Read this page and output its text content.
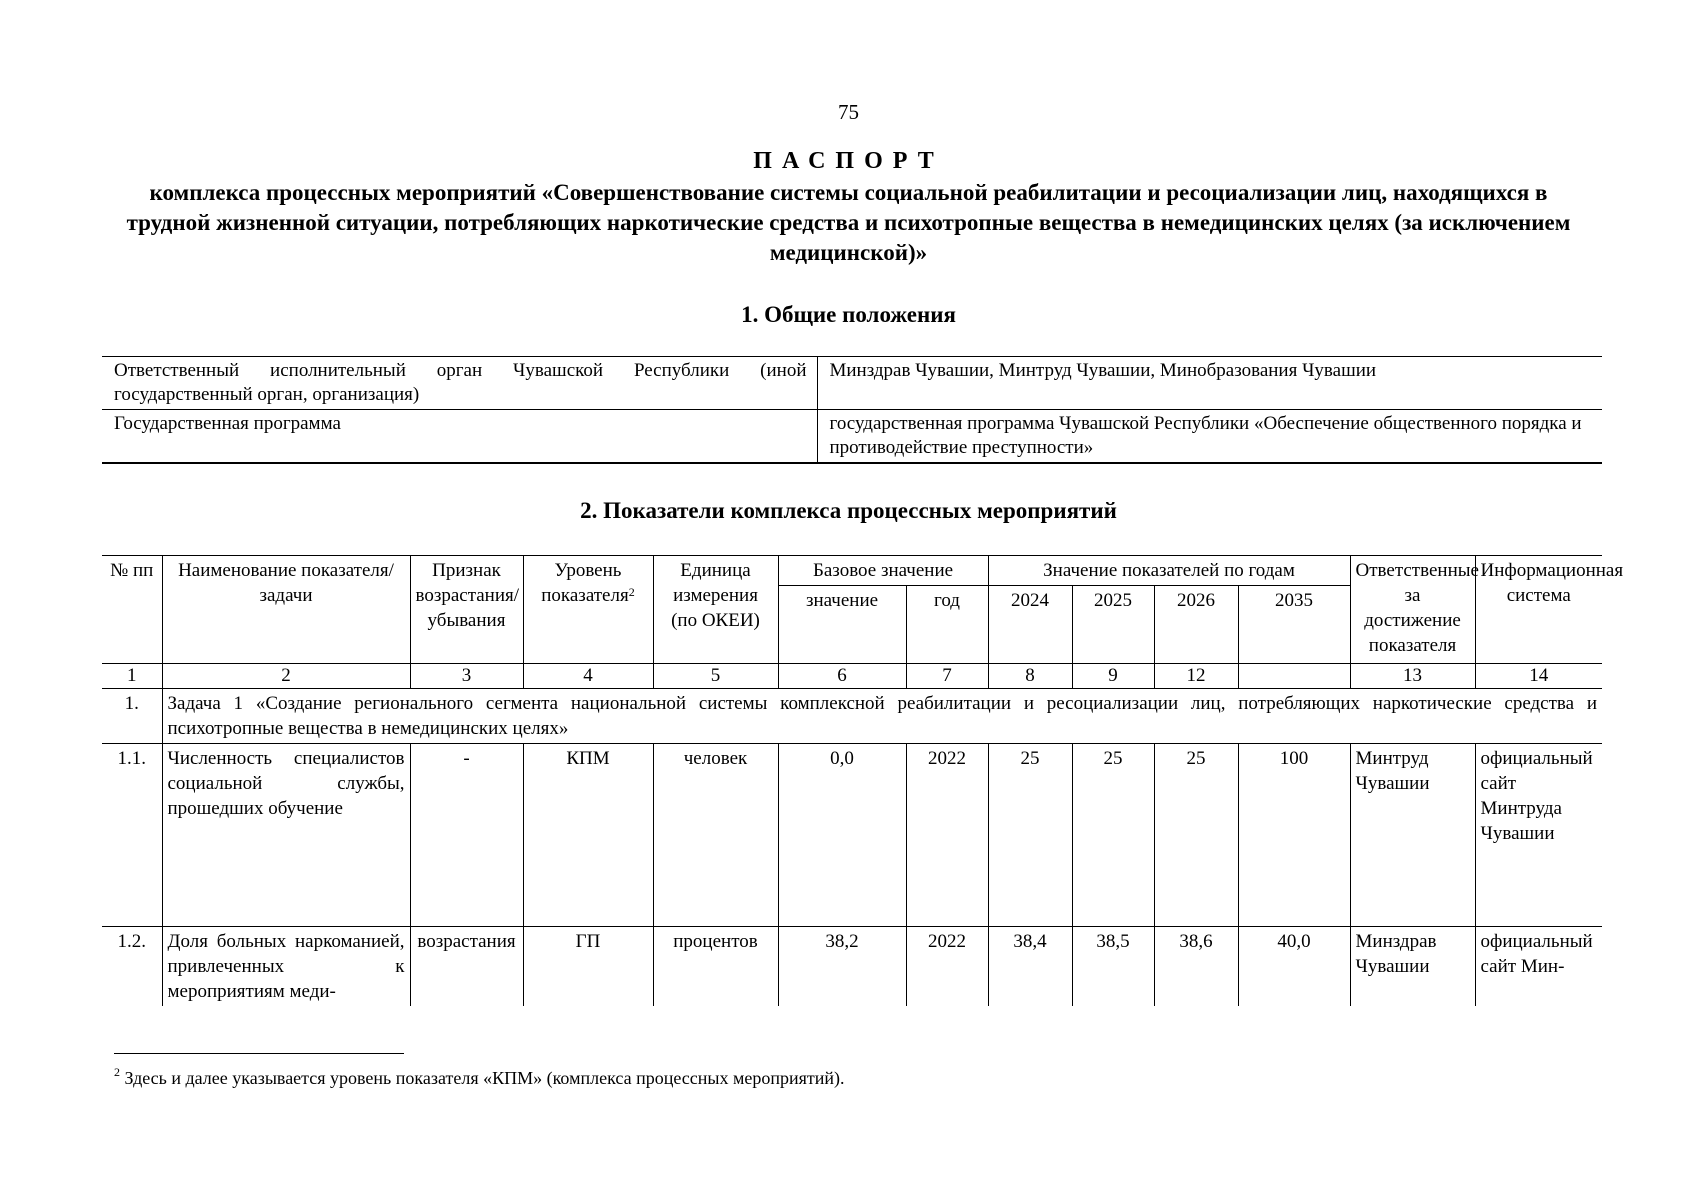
75
ПАСПОРТ
комплекса процессных мероприятий «Совершенствование системы социальной реабилитации и ресоциализации лиц, находящихся в трудной жизненной ситуации, потребляющих наркотические средства и психотропные вещества в немедицинских целях (за исключением медицинской)»
1. Общие положения
Ответственный исполнительный орган Чувашской Республики (иной государственный орган, организация)	Минздрав Чувашии, Минтруд Чувашии, Минобразования Чувашии
Государственная программа	государственная программа Чувашской Республики «Обеспечение общественного порядка и противодействие преступности»
2. Показатели комплекса процессных мероприятий
№ пп	Наименование показателя/задачи	Признак возрастания/убывания	Уровень показателя$^2$	Единица измерения (по ОКЕИ)	Базовое значение		Значение показателей по годам				Ответственные за достижение показателя	Информационная система
					значение	год	2024	2025	2026	2035		
1	2	3	4	5	6	7	8	9	12		13	14
1.	Задача 1 «Создание регионального сегмента национальной системы комплексной реабилитации и ресоциализации лиц, потребляющих наркотические средства и психотропные вещества в немедицинских целях»											
1.1.	Численность специалистов социальной службы, прошедших обучение	-	КПМ	человек	0,0	2022	25	25	25	100	Минтруд Чувашии	официальный сайт Минтруда Чувашии
1.2.	Доля больных наркоманией, привлеченных к мероприятиям меди-	возрастания	ГП	процентов	38,2	2022	38,4	38,5	38,6	40,0	Минздрав Чувашии	официальный сайт Мин-
$^2$ Здесь и далее указывается уровень показателя «КПМ» (комплекса процессных мероприятий).
